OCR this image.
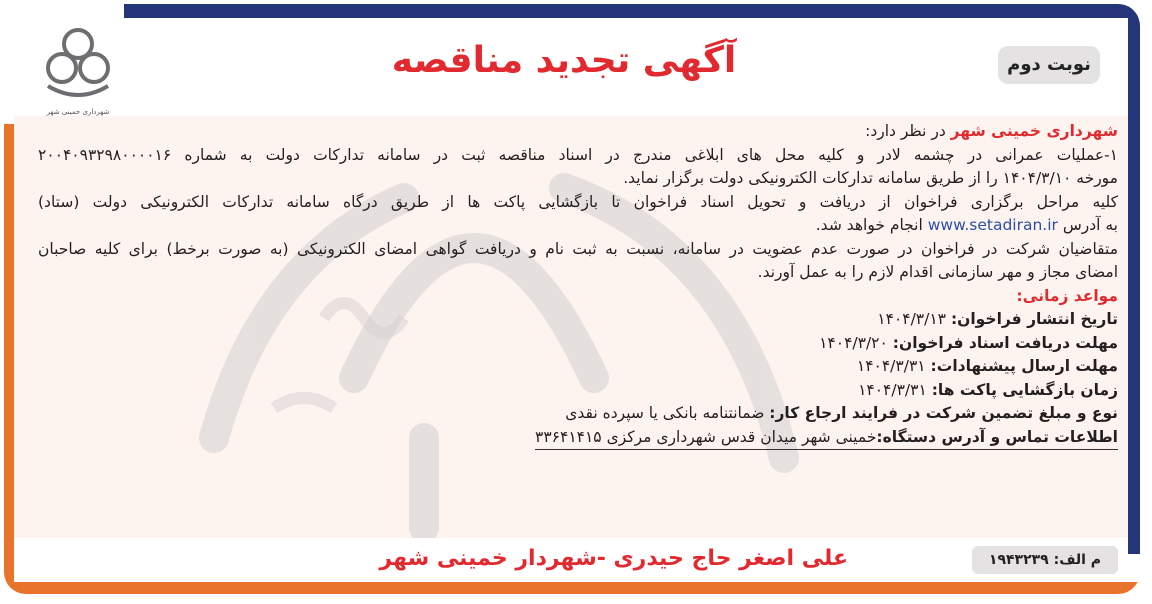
شهرداری خمینی شهر
آگهی تجدید مناقصه	نوبت دوم

شهرداری خمینی شهر در نظر دارد:

۱-عملیات عمرانی در چشمه لادر و کلیه محل های ابلاغی مندرج در اسناد مناقصه ثبت در سامانه تدارکات دولت به شماره ۲۰۰۴۰۹۳۲۹۸۰۰۰۰۱۶

مورخه ۱۴۰۴/۳/۱۰ را از طریق سامانه تدارکات الکترونیکی دولت برگزار نماید.

کلیه مراحل برگزاری فراخوان از دریافت و تحویل اسناد فراخوان تا بازگشایی پاکت ها از طریق درگاه سامانه تدارکات الکترونیکی دولت (ستاد)

به آدرس www.setadiran.ir انجام خواهد شد.

متقاضیان شرکت در فراخوان در صورت عدم عضویت در سامانه، نسبت به ثبت نام و دریافت گواهی امضای الکترونیکی (به صورت برخط) برای کلیه صاحبان

امضای مجاز و مهر سازمانی اقدام لازم را به عمل آورند.

مواعد زمانی:

تاریخ انتشار فراخوان: ۱۴۰۴/۳/۱۳

مهلت دریافت اسناد فراخوان: ۱۴۰۴/۳/۲۰

مهلت ارسال پیشنهادات: ۱۴۰۴/۳/۳۱

زمان بازگشایی پاکت ها: ۱۴۰۴/۳/۳۱

نوع و مبلغ تضمین شرکت در فرایند ارجاع کار: ضمانتنامه بانکی یا سپرده نقدی

اطلاعات تماس و آدرس دستگاه:خمینی شهر میدان قدس شهرداری مرکزی ۳۳۶۴۱۴۱۵

م الف: ۱۹۴۳۲۳۹
علی اصغر حاج حیدری -شهردار خمینی شهر
